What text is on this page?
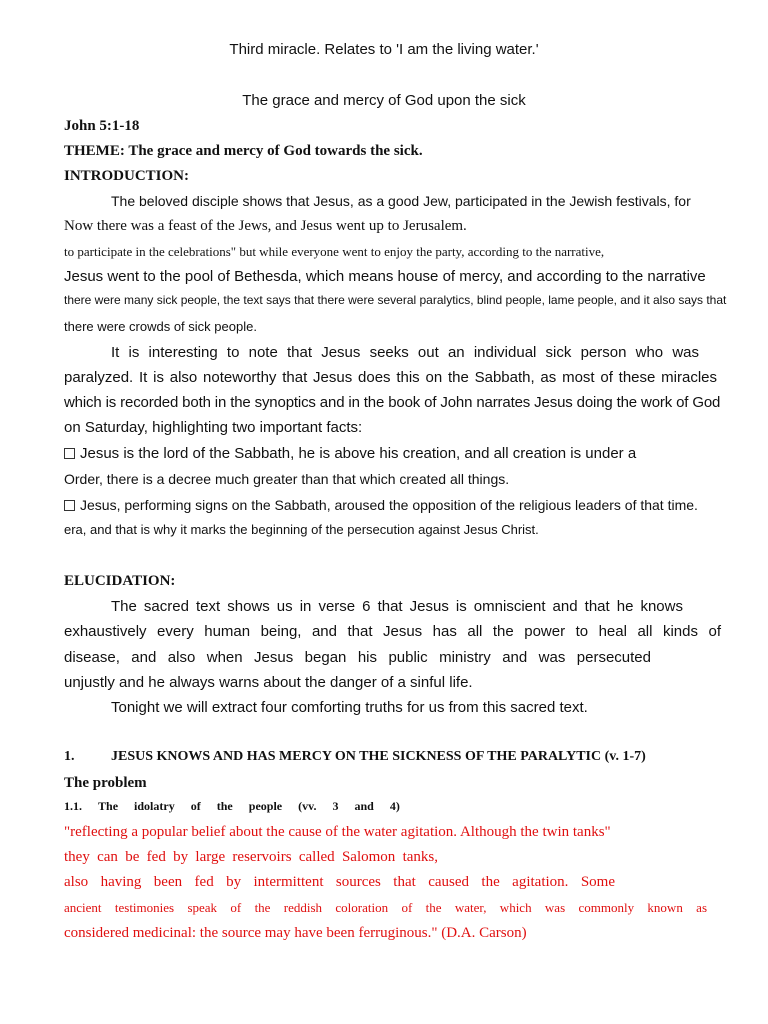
Third miracle. Relates to 'I am the living water.'
The grace and mercy of God upon the sick
John 5:1-18
THEME: The grace and mercy of God towards the sick.
INTRODUCTION:
The beloved disciple shows that Jesus, as a good Jew, participated in the Jewish festivals, for
Now there was a feast of the Jews, and Jesus went up to Jerusalem.
to participate in the celebrations" but while everyone went to enjoy the party, according to the narrative,
Jesus went to the pool of Bethesda, which means house of mercy, and according to the narrative
there were many sick people, the text says that there were several paralytics, blind people, lame people, and it also says that
there were crowds of sick people.
It is interesting to note that Jesus seeks out an individual sick person who was
paralyzed. It is also noteworthy that Jesus does this on the Sabbath, as most of these miracles
which is recorded both in the synoptics and in the book of John narrates Jesus doing the work of God
on Saturday, highlighting two important facts:
Jesus is the lord of the Sabbath, he is above his creation, and all creation is under a
Order, there is a decree much greater than that which created all things.
Jesus, performing signs on the Sabbath, aroused the opposition of the religious leaders of that time.
era, and that is why it marks the beginning of the persecution against Jesus Christ.
ELUCIDATION:
The sacred text shows us in verse 6 that Jesus is omniscient and that he knows
exhaustively every human being, and that Jesus has all the power to heal all kinds of
disease, and also when Jesus began his public ministry and was persecuted
unjustly and he always warns about the danger of a sinful life.
Tonight we will extract four comforting truths for us from this sacred text.
1.	JESUS KNOWS AND HAS MERCY ON THE SICKNESS OF THE PARALYTIC (v. 1-7)
The problem
1.1. The idolatry of the people (vv. 3 and 4)
"reflecting a popular belief about the cause of the water agitation. Although the twin tanks"
they can be fed by large reservoirs called Salomon tanks,
also having been fed by intermittent sources that caused the agitation. Some
ancient testimonies speak of the reddish coloration of the water, which was commonly known as
considered medicinal: the source may have been ferruginous." (D.A. Carson)
